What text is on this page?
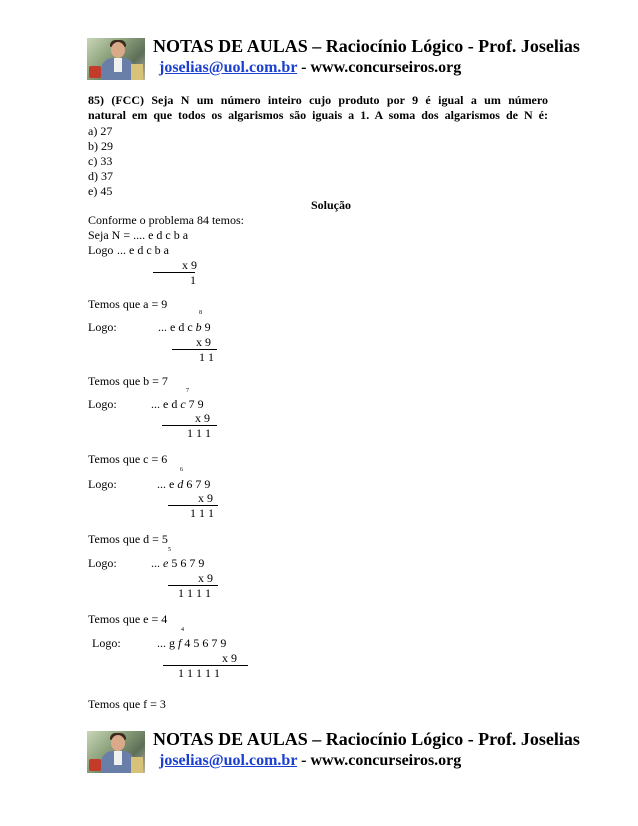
NOTAS DE AULAS – Raciocínio Lógico - Prof. Joselias
joselias@uol.com.br - www.concurseiros.org
85) (FCC) Seja N um número inteiro cujo produto por 9 é igual a um número
natural em que todos os algarismos são iguais a 1. A soma dos algarismos de N é:
a) 27
b) 29
c) 33
d) 37
e) 45
Solução
Conforme o problema 84 temos:
Seja N = .... e d c b a
Logo ... e d c b a
x 9
1
Temos que a = 9
8
Logo:	... e d c b 9
x 9
1 1
Temos que b = 7
7
Logo:	... e d c 7 9
x 9
1 1 1
Temos que c = 6
6
Logo:	... e d 6 7 9
x 9
1 1 1
Temos que d = 5
5
Logo:	... e 5 6 7 9
x 9
1 1 1 1
Temos que e = 4
4
Logo:	... g f 4 5 6 7 9
x 9
1 1 1 1 1
Temos que f = 3
NOTAS DE AULAS – Raciocínio Lógico - Prof. Joselias
joselias@uol.com.br - www.concurseiros.org
